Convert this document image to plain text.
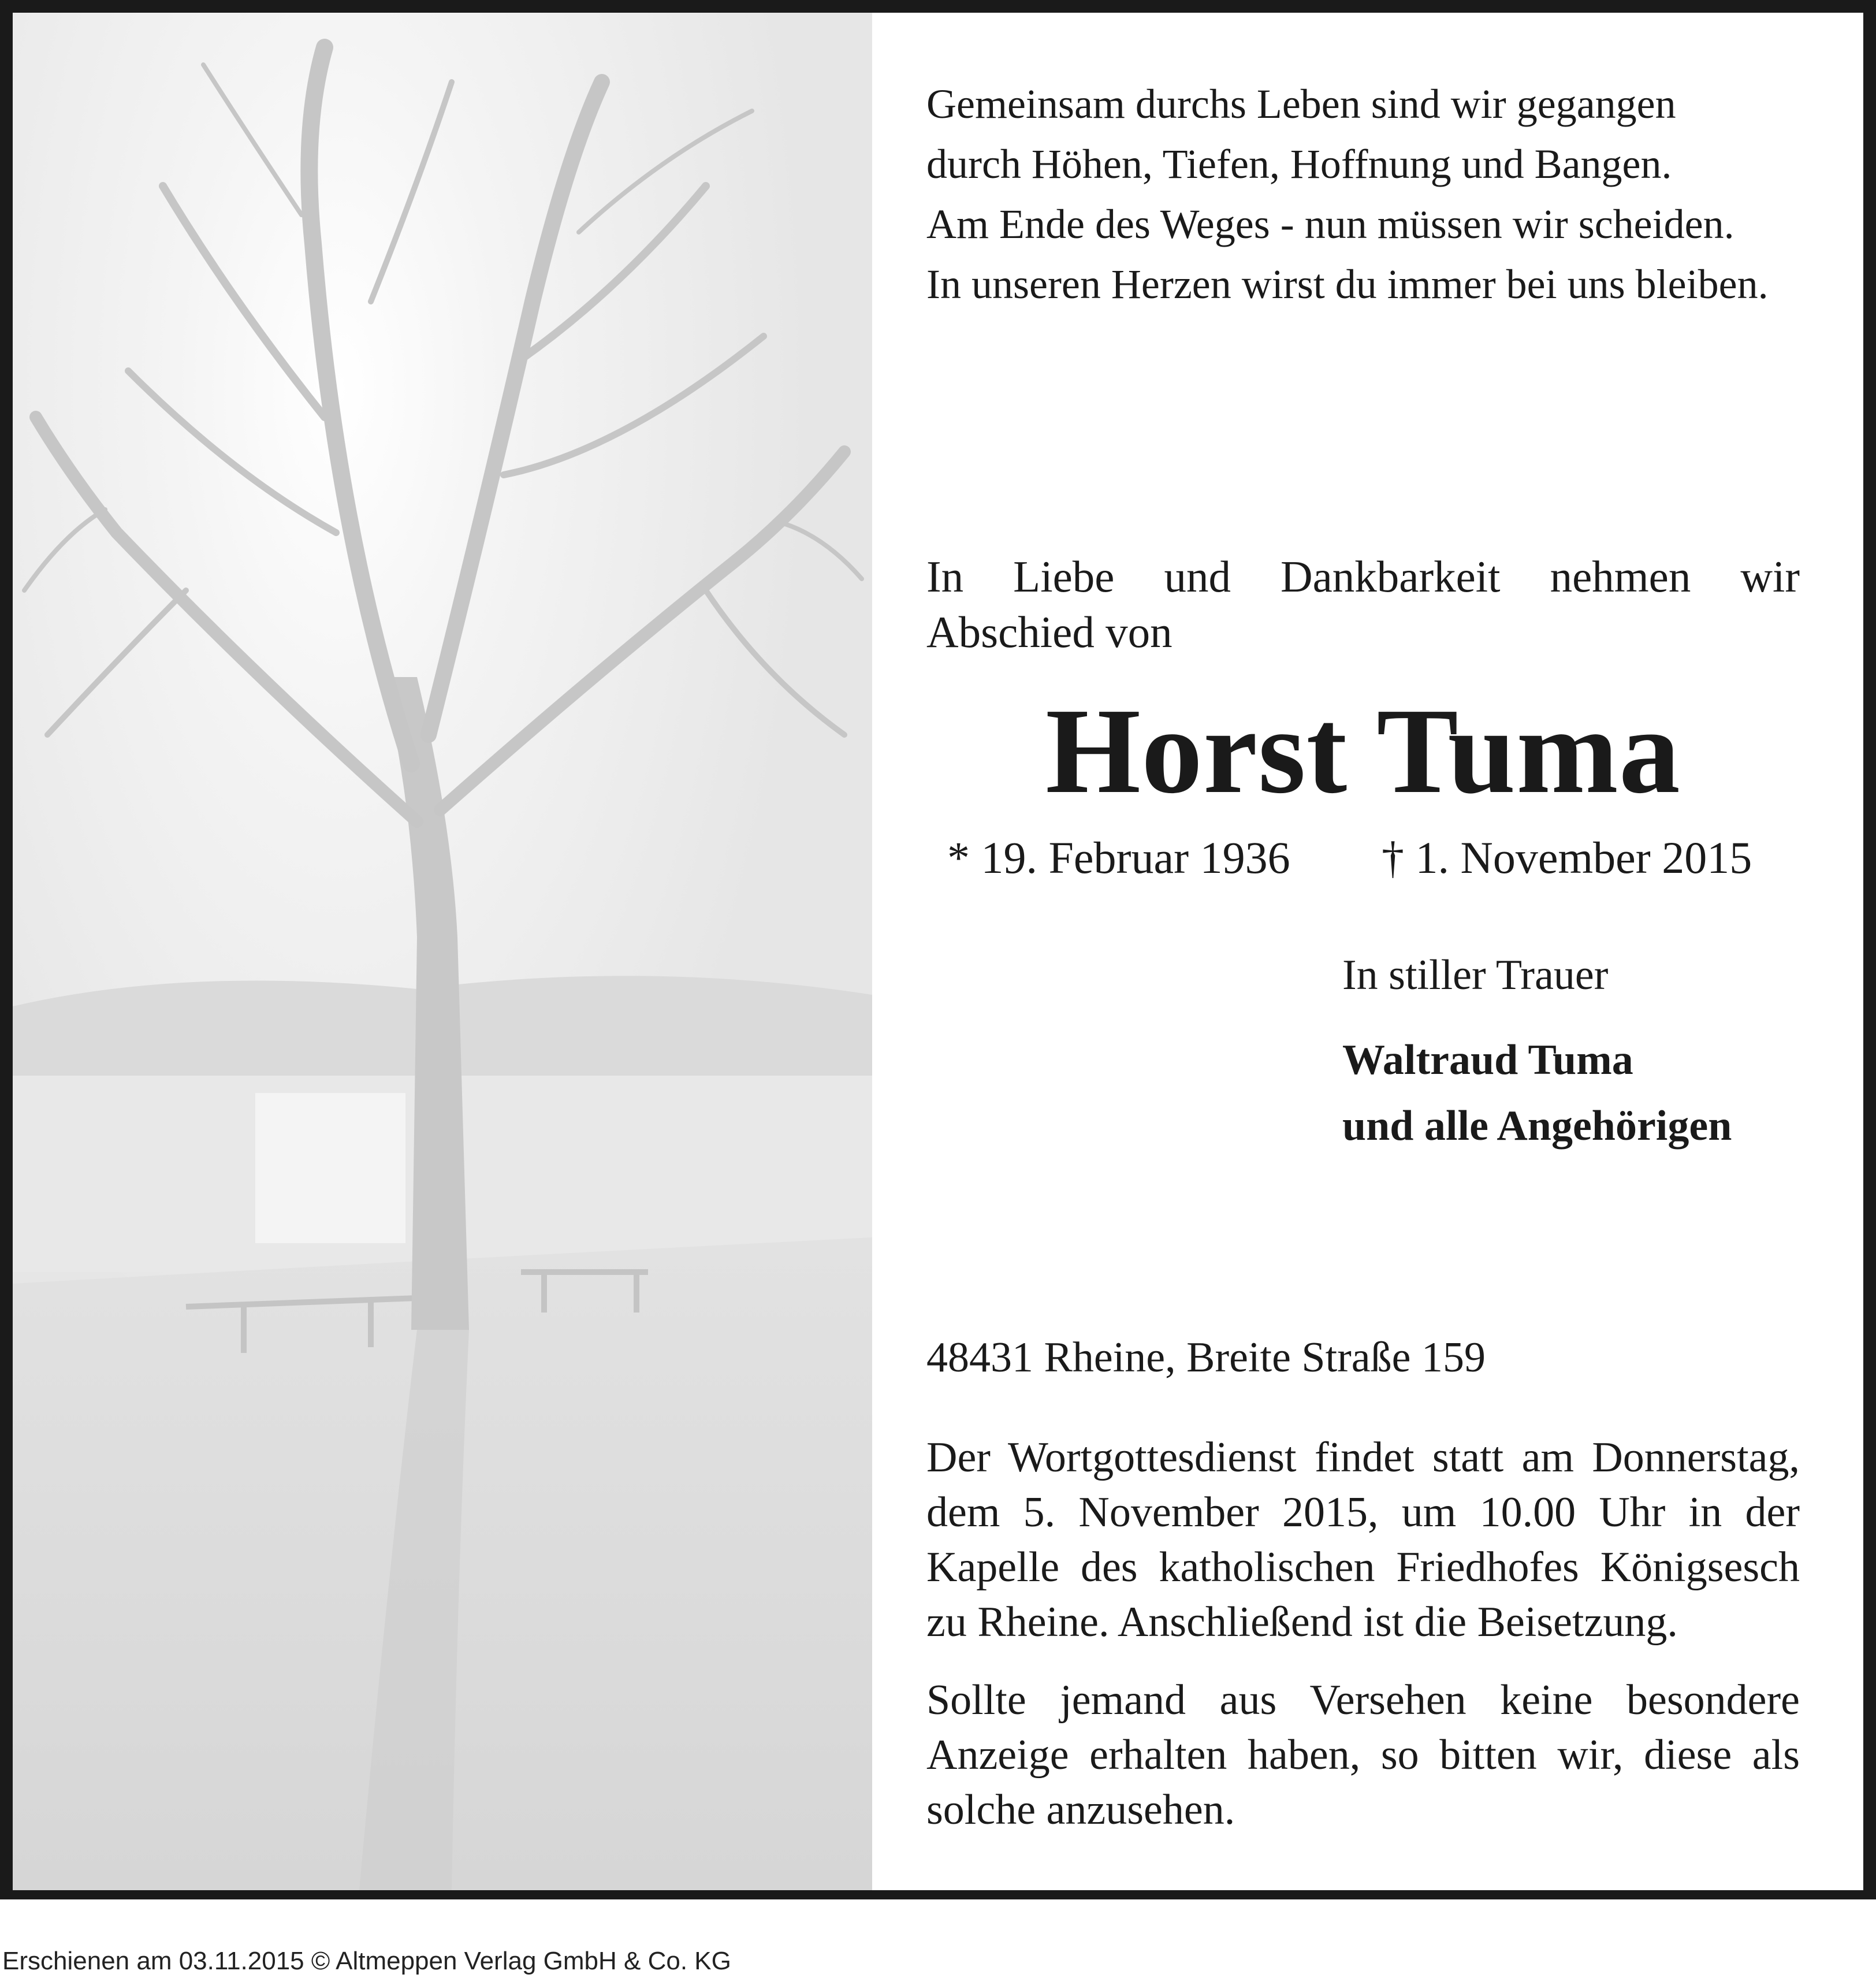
Gemeinsam durchs Leben sind wir gegangen
durch Höhen, Tiefen, Hoffnung und Bangen.
Am Ende des Weges - nun müssen wir scheiden.
In unseren Herzen wirst du immer bei uns bleiben.
In Liebe und Dankbarkeit nehmen wir
Abschied von
Horst Tuma
* 19. Februar 1936 † 1. November 2015
In stiller Trauer
Waltraud Tuma
und alle Angehörigen
48431 Rheine, Breite Straße 159
Der Wortgottesdienst findet statt am Donnerstag, dem 5. November 2015, um 10.00 Uhr in der Kapelle des katholischen Friedhofes Königsesch zu Rheine. Anschließend ist die Beisetzung.
Sollte jemand aus Versehen keine besondere Anzeige erhalten haben, so bitten wir, diese als solche anzusehen.
Erschienen am 03.11.2015 © Altmeppen Verlag GmbH & Co. KG
